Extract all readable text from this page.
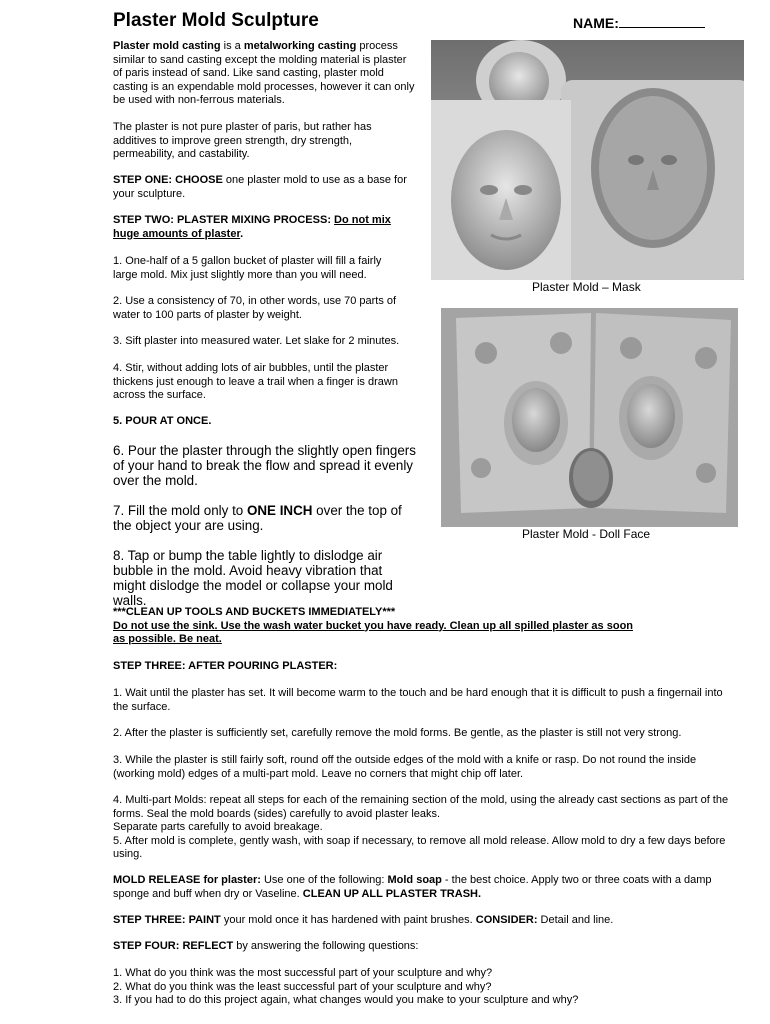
Plaster Mold Sculpture	NAME:
Plaster mold casting is a metalworking casting process similar to sand casting except the molding material is plaster of paris instead of sand. Like sand casting, plaster mold casting is an expendable mold processes, however it can only be used with non-ferrous materials.
The plaster is not pure plaster of paris, but rather has additives to improve green strength, dry strength, permeability, and castability.
STEP ONE: CHOOSE one plaster mold to use as a base for your sculpture.
STEP TWO: PLASTER MIXING PROCESS: Do not mix huge amounts of plaster.
1. One-half of a 5 gallon bucket of plaster will fill a fairly large mold. Mix just slightly more than you will need.
2. Use a consistency of 70, in other words, use 70 parts of water to 100 parts of plaster by weight.
3. Sift plaster into measured water. Let slake for 2 minutes.
4. Stir, without adding lots of air bubbles, until the plaster thickens just enough to leave a trail when a finger is drawn across the surface.
5. POUR AT ONCE.
6. Pour the plaster through the slightly open fingers of your hand to break the flow and spread it evenly over the mold.
7. Fill the mold only to ONE INCH over the top of the object your are using.
8. Tap or bump the table lightly to dislodge air bubble in the mold. Avoid heavy vibration that might dislodge the model or collapse your mold walls.
Plaster Mold – Mask
Plaster Mold - Doll Face
***CLEAN UP TOOLS AND BUCKETS IMMEDIATELY***
Do not use the sink. Use the wash water bucket you have ready. Clean up all spilled plaster as soon as possible. Be neat.
STEP THREE: AFTER POURING PLASTER:
1. Wait until the plaster has set. It will become warm to the touch and be hard enough that it is difficult to push a fingernail into the surface.
2. After the plaster is sufficiently set, carefully remove the mold forms. Be gentle, as the plaster is still not very strong.
3. While the plaster is still fairly soft, round off the outside edges of the mold with a knife or rasp. Do not round the inside (working mold) edges of a multi-part mold. Leave no corners that might chip off later.
4. Multi-part Molds: repeat all steps for each of the remaining section of the mold, using the already cast sections as part of the forms. Seal the mold boards (sides) carefully to avoid plaster leaks.
Separate parts carefully to avoid breakage.
5. After mold is complete, gently wash, with soap if necessary, to remove all mold release. Allow mold to dry a few days before using.
MOLD RELEASE for plaster: Use one of the following: Mold soap - the best choice. Apply two or three coats with a damp sponge and buff when dry or Vaseline. CLEAN UP ALL PLASTER TRASH.
STEP THREE: PAINT your mold once it has hardened with paint brushes. CONSIDER: Detail and line.
STEP FOUR: REFLECT by answering the following questions:
1. What do you think was the most successful part of your sculpture and why?
2. What do you think was the least successful part of your sculpture and why?
3. If you had to do this project again, what changes would you make to your sculpture and why?
